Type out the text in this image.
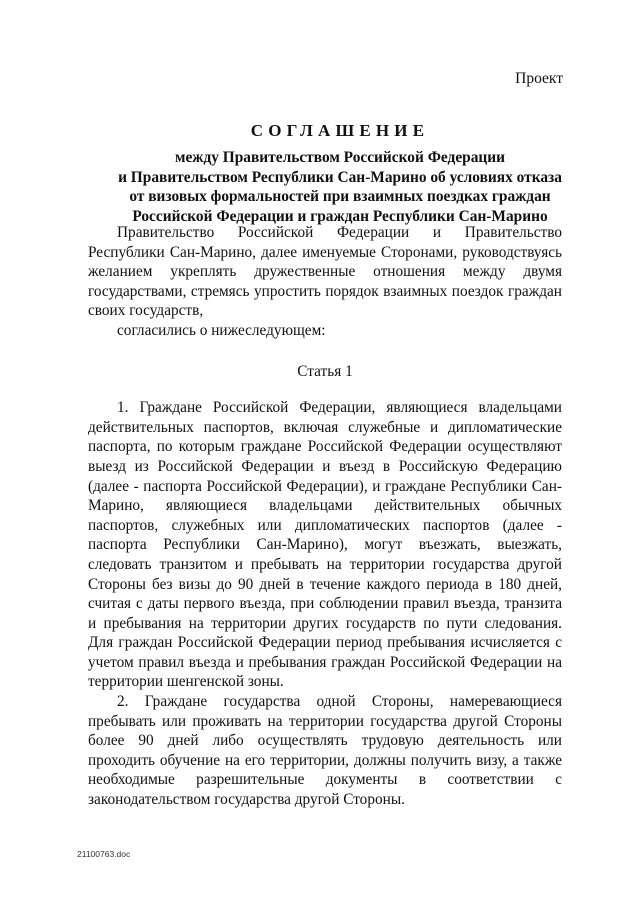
Проект
СОГЛАШЕНИЕ
между Правительством Российской Федерации
и Правительством Республики Сан-Марино об условиях отказа
от визовых формальностей при взаимных поездках граждан
Российской Федерации и граждан Республики Сан-Марино

Правительство Российской Федерации и Правительство Республики Сан-Марино, далее именуемые Сторонами, руководствуясь желанием укреплять дружественные отношения между двумя государствами, стремясь упростить порядок взаимных поездок граждан своих государств,

согласились о нижеследующем:

Статья 1

1. Граждане Российской Федерации, являющиеся владельцами действительных паспортов, включая служебные и дипломатические паспорта, по которым граждане Российской Федерации осуществляют выезд из Российской Федерации и въезд в Российскую Федерацию (далее - паспорта Российской Федерации), и граждане Республики Сан-Марино, являющиеся владельцами действительных обычных паспортов, служебных или дипломатических паспортов (далее - паспорта Республики Сан-Марино), могут въезжать, выезжать, следовать транзитом и пребывать на территории государства другой Стороны без визы до 90 дней в течение каждого периода в 180 дней, считая с даты первого въезда, при соблюдении правил въезда, транзита и пребывания на территории других государств по пути следования. Для граждан Российской Федерации период пребывания исчисляется с учетом правил въезда и пребывания граждан Российской Федерации на территории шенгенской зоны.

2. Граждане государства одной Стороны, намеревающиеся пребывать или проживать на территории государства другой Стороны более 90 дней либо осуществлять трудовую деятельность или проходить обучение на его территории, должны получить визу, а также необходимые разрешительные документы в соответствии с законодательством государства другой Стороны.

21100763.doc
